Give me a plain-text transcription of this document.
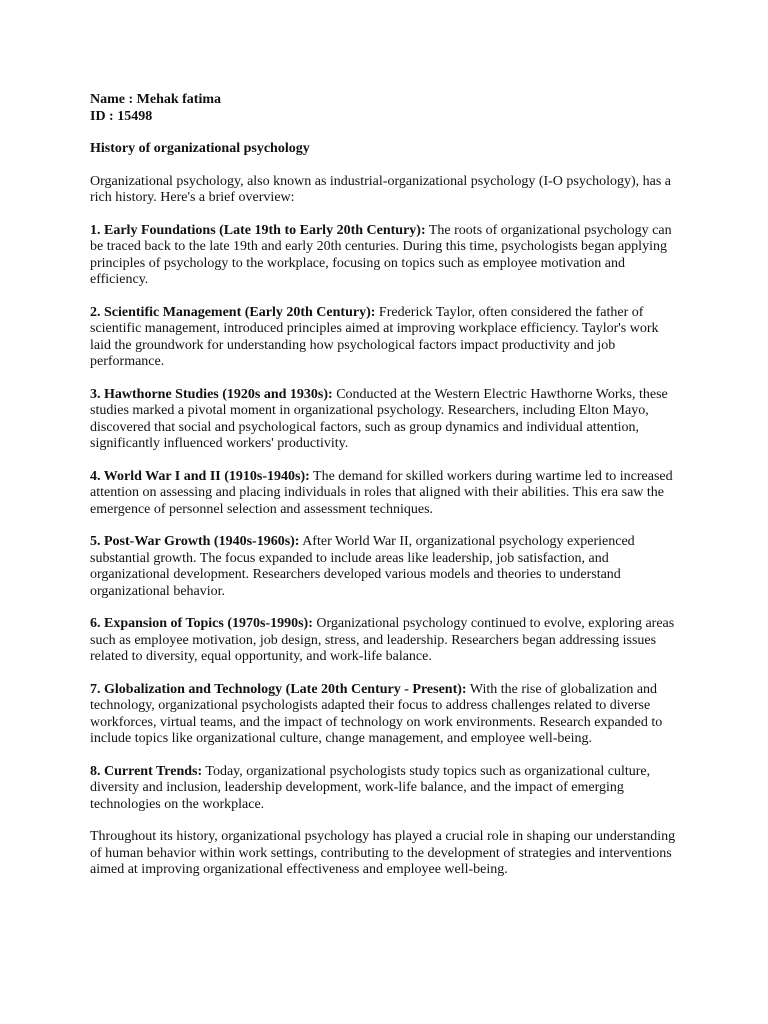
Name : Mehak fatima
ID : 15498

History of organizational psychology

Organizational psychology, also known as industrial-organizational psychology (I-O psychology), has a rich history. Here's a brief overview:

1. Early Foundations (Late 19th to Early 20th Century): The roots of organizational psychology can be traced back to the late 19th and early 20th centuries. During this time, psychologists began applying principles of psychology to the workplace, focusing on topics such as employee motivation and efficiency.

2. Scientific Management (Early 20th Century): Frederick Taylor, often considered the father of scientific management, introduced principles aimed at improving workplace efficiency. Taylor's work laid the groundwork for understanding how psychological factors impact productivity and job performance.

3. Hawthorne Studies (1920s and 1930s): Conducted at the Western Electric Hawthorne Works, these studies marked a pivotal moment in organizational psychology. Researchers, including Elton Mayo, discovered that social and psychological factors, such as group dynamics and individual attention, significantly influenced workers' productivity.

4. World War I and II (1910s-1940s): The demand for skilled workers during wartime led to increased attention on assessing and placing individuals in roles that aligned with their abilities. This era saw the emergence of personnel selection and assessment techniques.

5. Post-War Growth (1940s-1960s): After World War II, organizational psychology experienced substantial growth. The focus expanded to include areas like leadership, job satisfaction, and organizational development. Researchers developed various models and theories to understand organizational behavior.

6. Expansion of Topics (1970s-1990s): Organizational psychology continued to evolve, exploring areas such as employee motivation, job design, stress, and leadership. Researchers began addressing issues related to diversity, equal opportunity, and work-life balance.

7. Globalization and Technology (Late 20th Century - Present): With the rise of globalization and technology, organizational psychologists adapted their focus to address challenges related to diverse workforces, virtual teams, and the impact of technology on work environments. Research expanded to include topics like organizational culture, change management, and employee well-being.

8. Current Trends: Today, organizational psychologists study topics such as organizational culture, diversity and inclusion, leadership development, work-life balance, and the impact of emerging technologies on the workplace.

Throughout its history, organizational psychology has played a crucial role in shaping our understanding of human behavior within work settings, contributing to the development of strategies and interventions aimed at improving organizational effectiveness and employee well-being.
